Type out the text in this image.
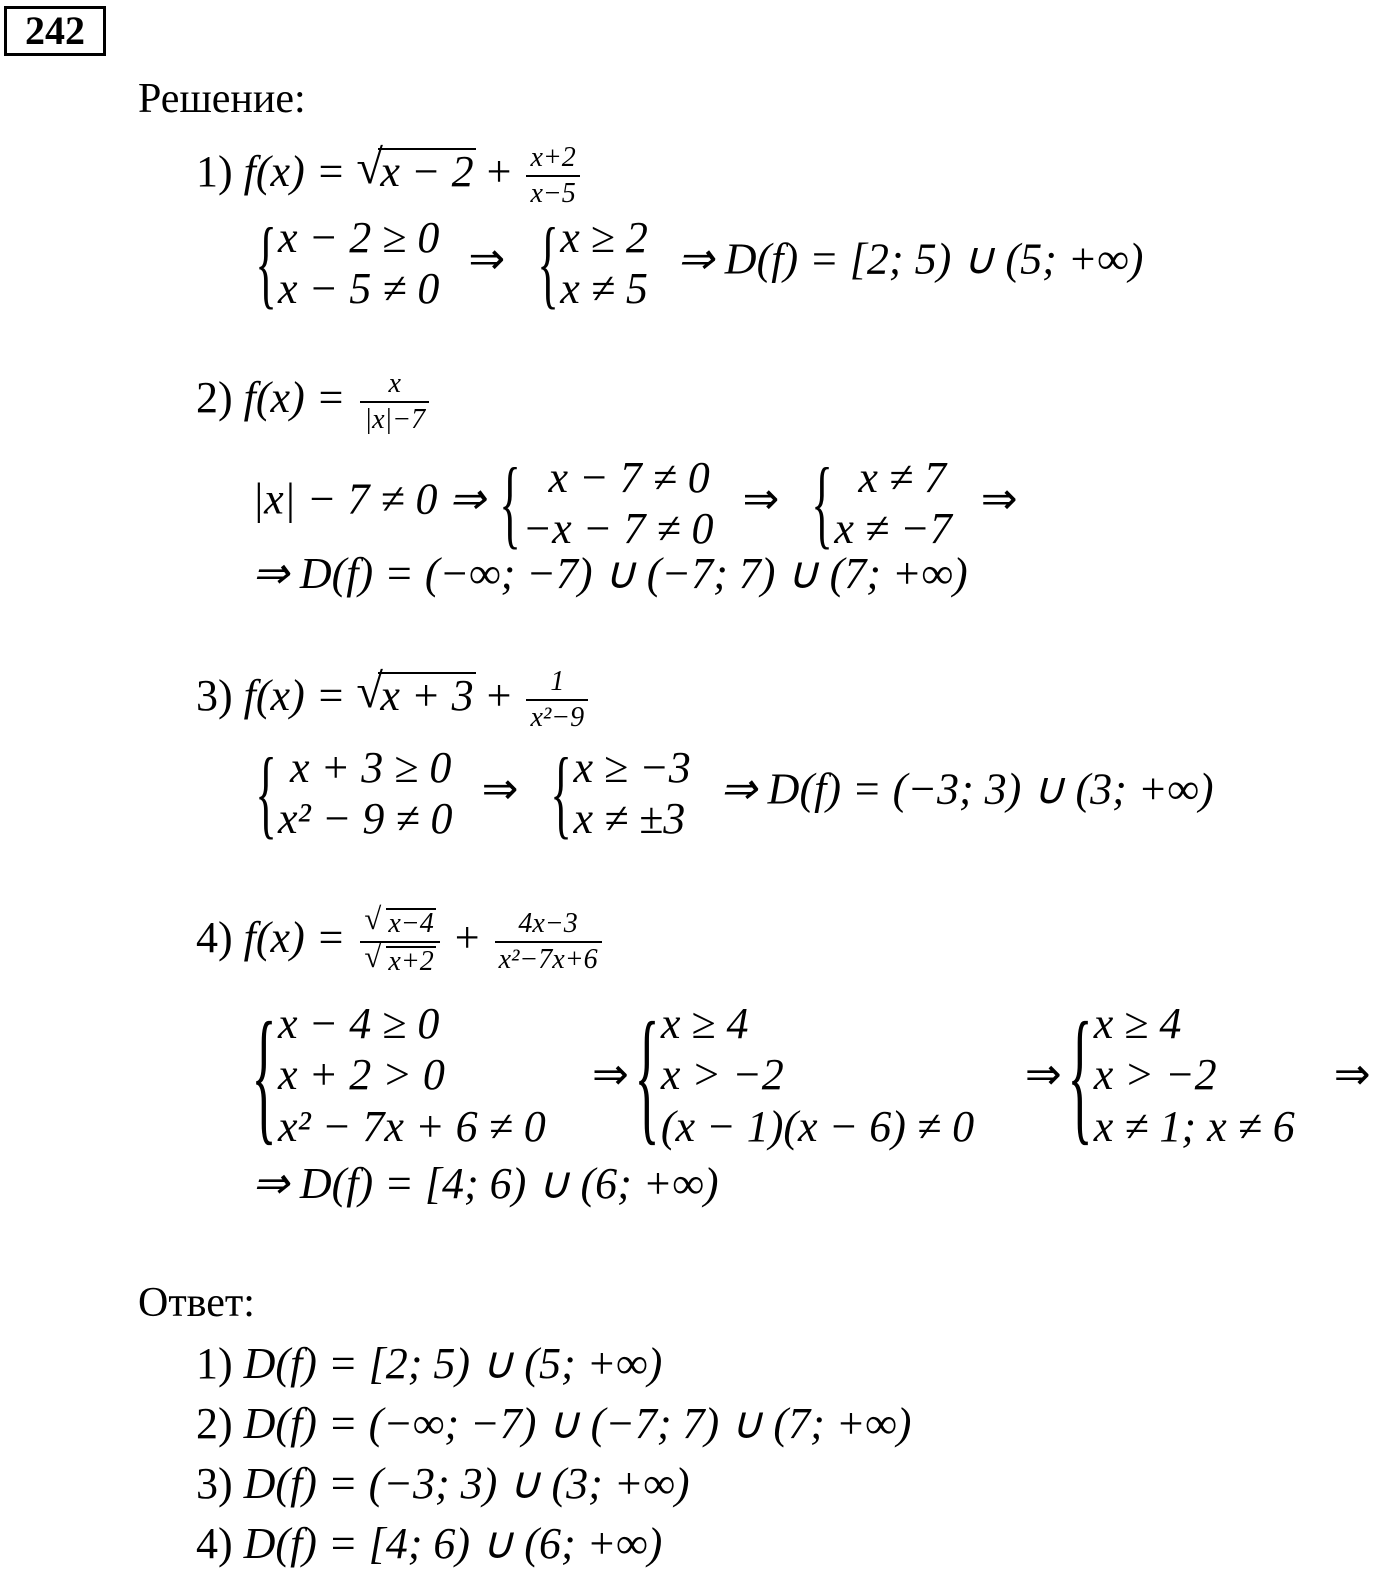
242
Решение:
1) f(x) = √ $x - 2 + \frac{x+2}{x-5}$
{ x − 2 ≥ 0
x − 5 ≠ 0
⇒ { x ≥ 2
x ≠ 5
⇒ D(f) = [2; 5) ∪ (5; +∞)
2) $f(x) = \frac{x}{|x|-7}$
|x| − 7 ≠ 0 ⇒ { x − 7 ≠ 0
−x − 7 ≠ 0
⇒ { x ≠ 7
x ≠ −7
⇒
⇒ D(f) = (−∞; −7) ∪ (−7; 7) ∪ (7; +∞)
3) f(x) = √ $x + 3 + \frac{1}{\text{x²−9}}$
{ x + 3 ≥ 0
x² − 9 ≠ 0
⇒ { x ≥ −3
x ≠ ±3
⇒ D(f) = (−3; 3) ∪ (3; +∞)
4) f(x) =
√ x−4
√ $x+2 + \frac{4x-3}{\text{x²−7x+6}}$
{ x − 4 ≥ 0
x + 2 > 0
x² − 7x + 6 ≠ 0
⇒ { x ≥ 4
x > −2
(x − 1)(x − 6) ≠ 0
⇒ { x ≥ 4
x > −2
x ≠ 1; x ≠ 6
⇒
⇒ D(f) = [4; 6) ∪ (6; +∞)
Ответ:
1) D(f) = [2; 5) ∪ (5; +∞)
2) D(f) = (−∞; −7) ∪ (−7; 7) ∪ (7; +∞)
3) D(f) = (−3; 3) ∪ (3; +∞)
4) D(f) = [4; 6) ∪ (6; +∞)
